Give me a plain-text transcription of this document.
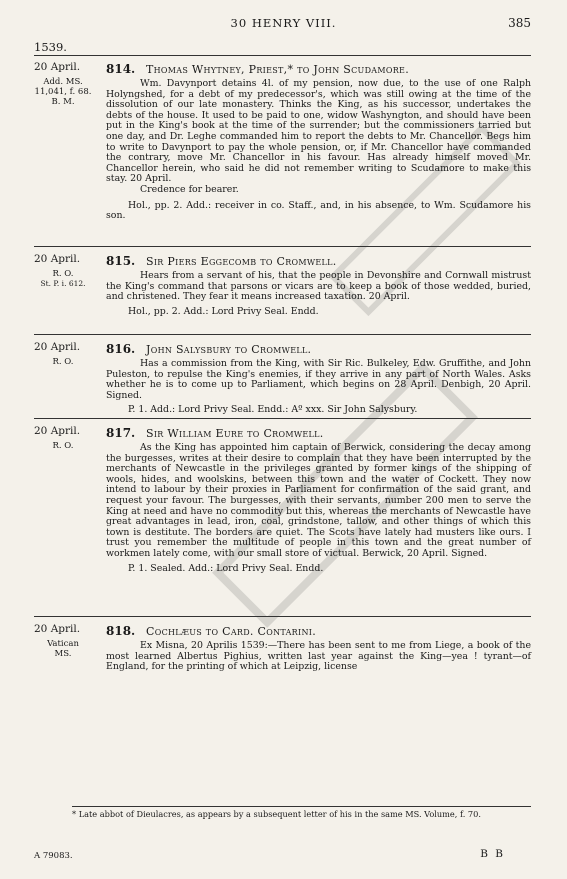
30 HENRY VIII.	385
1539.
20 April.
Add. MS.
11,041, f. 68.
B. M.
814. Thomas Whytney, Priest,* to John Scudamore.

Wm. Davynport detains 4l. of my pension, now due, to the use of one Ralph Holyngshed, for a debt of my predecessor's, which was still owing at the time of the dissolution of our late monastery. Thinks the King, as his successor, undertakes the debts of the house. It used to be paid to one, widow Washyngton, and should have been put in the King's book at the time of the surrender; but the commissioners tarried but one day, and Dr. Leghe commanded him to report the debts to Mr. Chancellor. Begs him to write to Davynport to pay the whole pension, or, if Mr. Chancellor have commanded the contrary, move Mr. Chancellor in his favour. Has already himself moved Mr. Chancellor herein, who said he did not remember writing to Scudamore to make this stay. 20 April.

Credence for bearer.

Hol., pp. 2. Add.: receiver in co. Staff., and, in his absence, to Wm. Scudamore his son.

20 April.
R. O.
St. P. i. 612.
815. Sir Piers Eggecomb to Cromwell.

Hears from a servant of his, that the people in Devonshire and Cornwall mistrust the King's command that parsons or vicars are to keep a book of those wedded, buried, and christened. They fear it means increased taxation. 20 April.

Hol., pp. 2. Add.: Lord Privy Seal. Endd.

20 April.
R. O.
816. John Salysbury to Cromwell.

Has a commission from the King, with Sir Ric. Bulkeley, Edw. Gruffithe, and John Puleston, to repulse the King's enemies, if they arrive in any part of North Wales. Asks whether he is to come up to Parliament, which begins on 28 April. Denbigh, 20 April. Signed.

P. 1. Add.: Lord Privy Seal. Endd.: Aº xxx. Sir John Salysbury.

20 April.
R. O.
817. Sir William Eure to Cromwell.

As the King has appointed him captain of Berwick, considering the decay among the burgesses, writes at their desire to complain that they have been interrupted by the merchants of Newcastle in the privileges granted by former kings of the shipping of wools, hides, and woolskins, between this town and the water of Cockett. They now intend to labour by their proxies in Parliament for confirmation of the said grant, and request your favour. The burgesses, with their servants, number 200 men to serve the King at need and have no commodity but this, whereas the merchants of Newcastle have great advantages in lead, iron, coal, grindstone, tallow, and other things of which this town is destitute. The borders are quiet. The Scots have lately had musters like ours. I trust you remember the multitude of people in this town and the great number of workmen lately come, with our small store of victual. Berwick, 20 April. Signed.

P. 1. Sealed. Add.: Lord Privy Seal. Endd.

20 April.
Vatican
MS.
818. Cochlæus to Card. Contarini.

Ex Misna, 20 Aprilis 1539:—There has been sent to me from Liege, a book of the most learned Albertus Pighius, written last year against the King—yea ! tyrant—of England, for the printing of which at Leipzig, license

* Late abbot of Dieulacres, as appears by a subsequent letter of his in the same MS. Volume, f. 70.
A 79083.	B B
